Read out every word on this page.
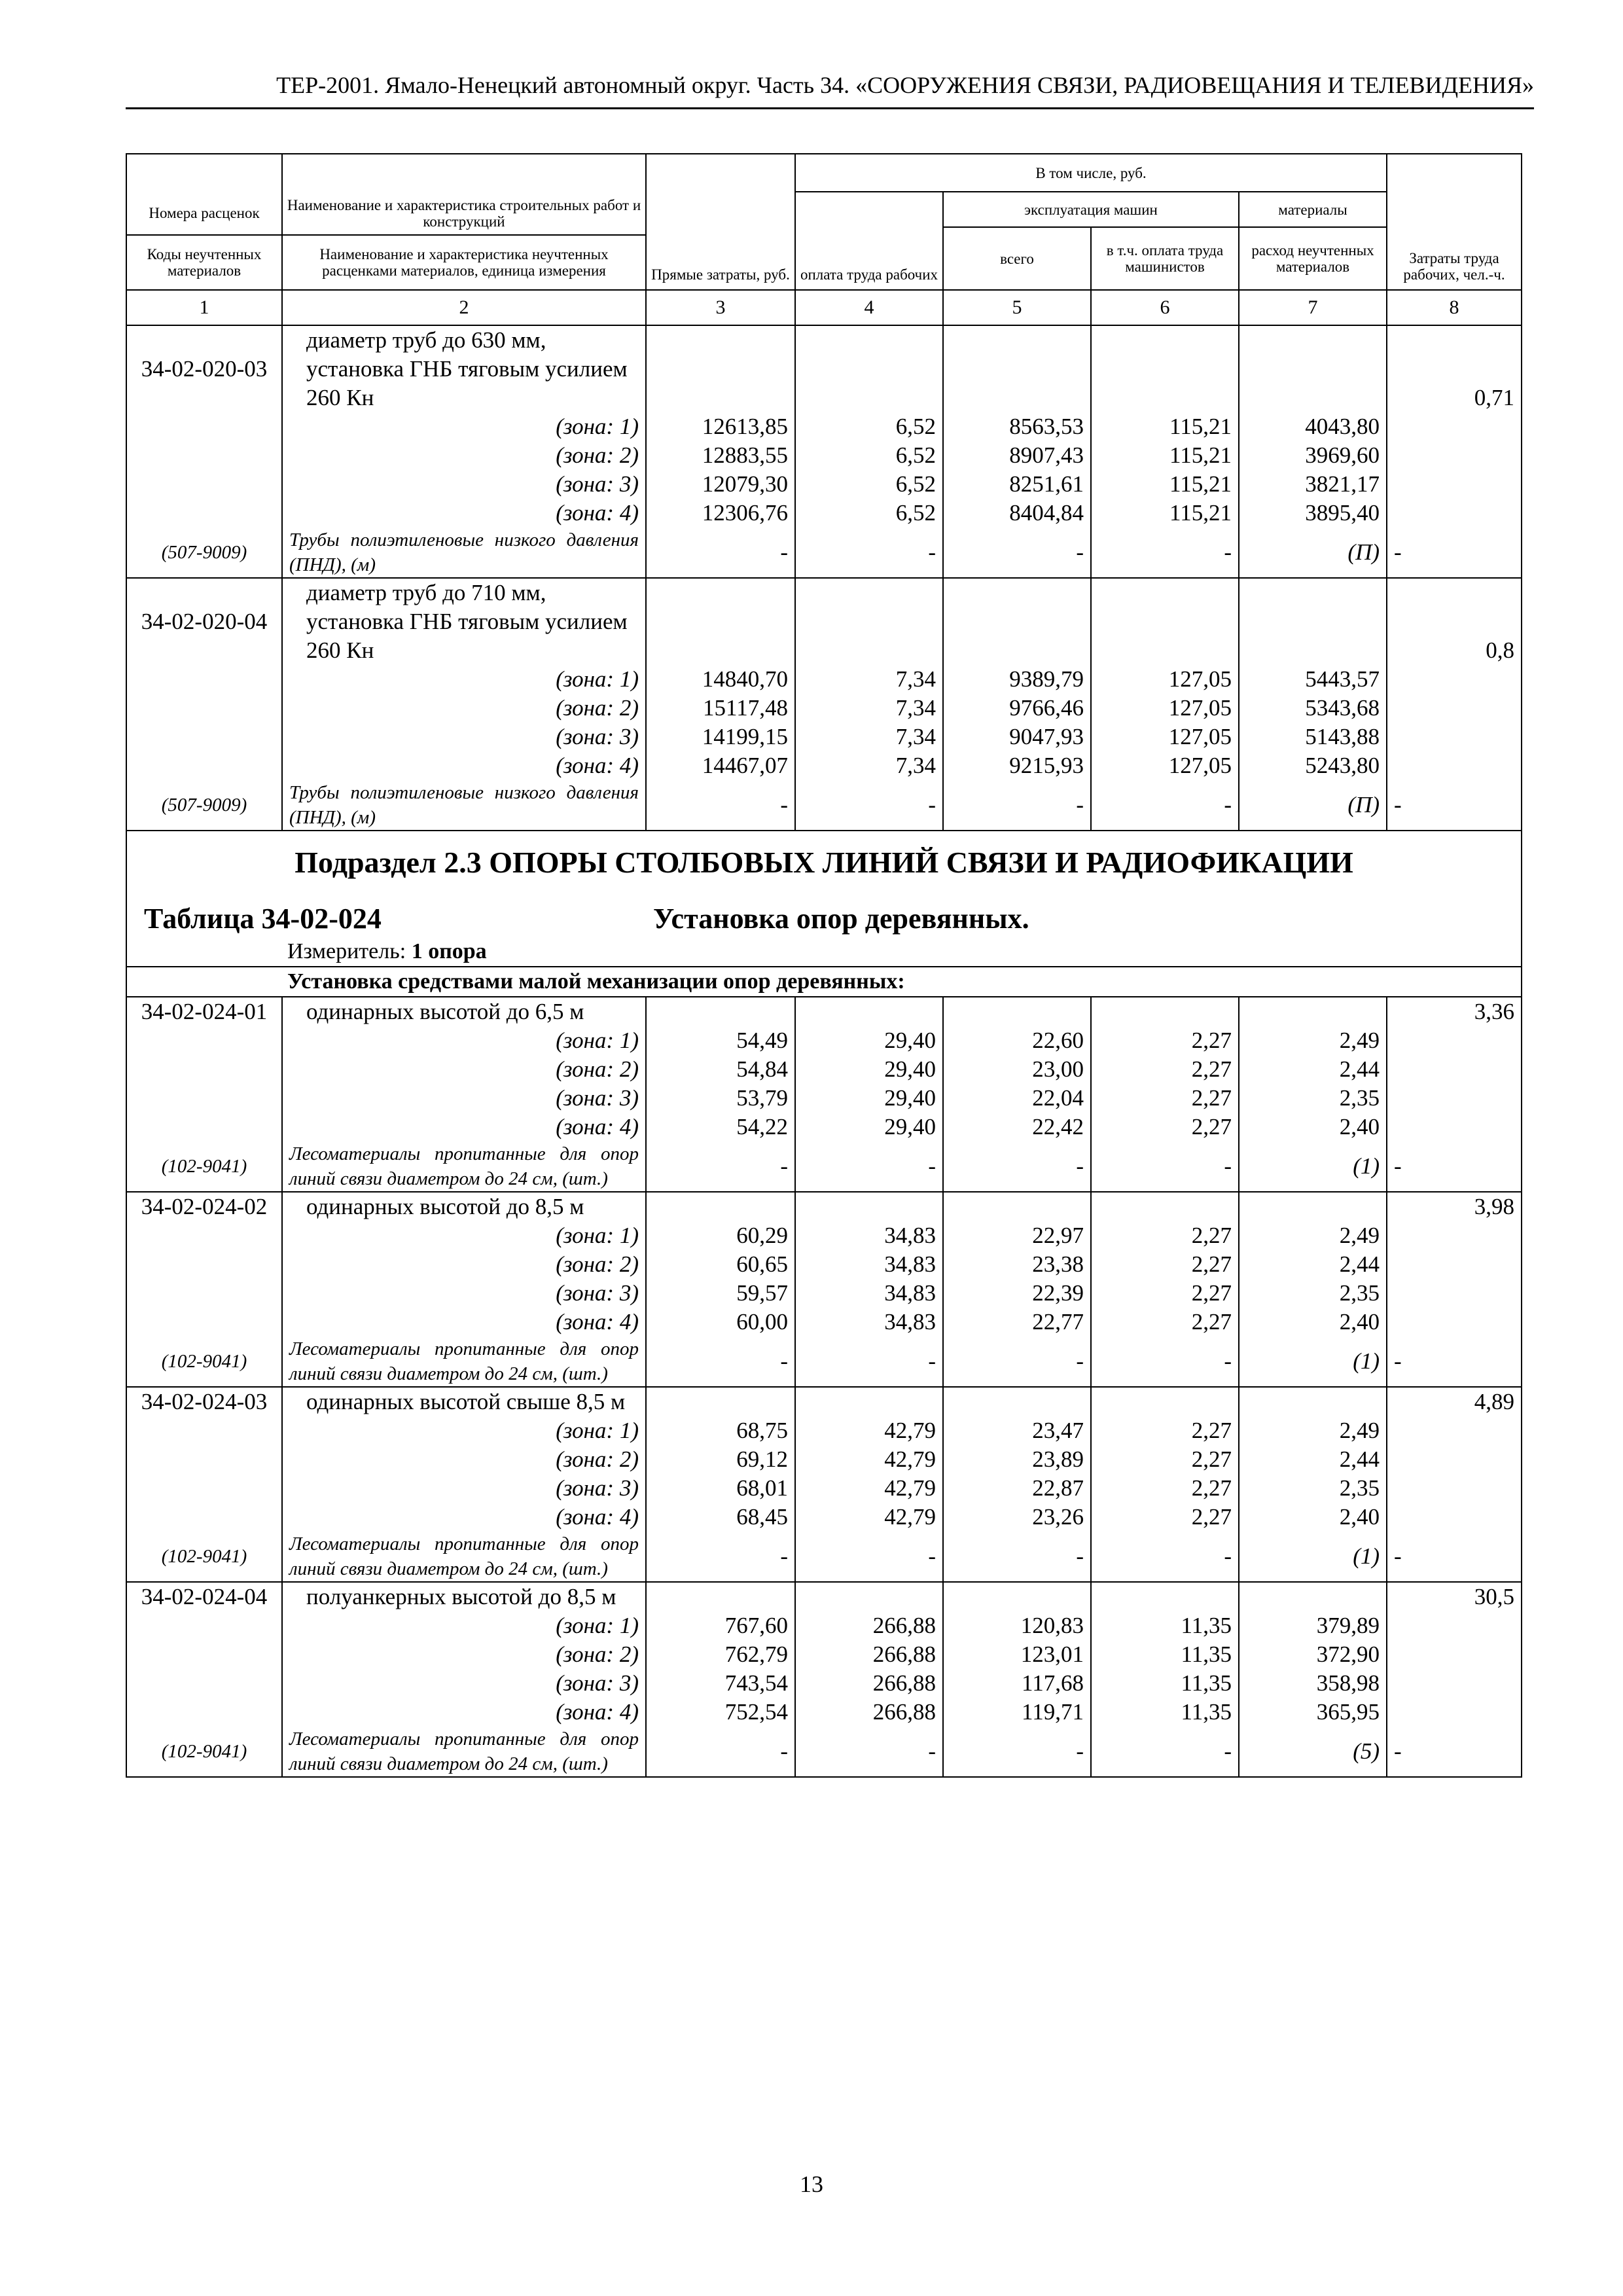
ТЕР-2001. Ямало-Ненецкий автономный округ. Часть 34. «СООРУЖЕНИЯ СВЯЗИ, РАДИОВЕЩАНИЯ И ТЕЛЕВИДЕНИЯ»
		Прямые затраты, руб.	В том числе, руб.				Затраты труда рабочих, чел.-ч.
Номера расценок	Наименование и характеристика строительных работ и конструкций		оплата труда рабочих	эксплуатация машин		материалы	
				всего	в т.ч. оплата труда машинистов	расход неучтенных материалов	
Коды неучтенных материалов	Наименование и характеристика неучтенных расценками материалов, единица измерения						
1	2	3	4	5	6	7	8
34-02-020-03	диаметр труб до 630 мм, установка ГНБ тяговым усилием 260 Кн						0,71
	(зона: 1)	12613,85	6,52	8563,53	115,21	4043,80	
	(зона: 2)	12883,55	6,52	8907,43	115,21	3969,60	
	(зона: 3)	12079,30	6,52	8251,61	115,21	3821,17	
	(зона: 4)	12306,76	6,52	8404,84	115,21	3895,40	
(507-9009)	Трубы полиэтиленовые низкого давления (ПНД), (м)	-	-	-	-	(П)	-
34-02-020-04	диаметр труб до 710 мм, установка ГНБ тяговым усилием 260 Кн						0,8
	(зона: 1)	14840,70	7,34	9389,79	127,05	5443,57	
	(зона: 2)	15117,48	7,34	9766,46	127,05	5343,68	
	(зона: 3)	14199,15	7,34	9047,93	127,05	5143,88	
	(зона: 4)	14467,07	7,34	9215,93	127,05	5243,80	
(507-9009)	Трубы полиэтиленовые низкого давления (ПНД), (м)	-	-	-	-	(П)	-
Подраздел 2.3 ОПОРЫ СТОЛБОВЫХ ЛИНИЙ СВЯЗИ И РАДИОФИКАЦИИ							
Таблица 34-02-024 Установка опор деревянных.							
Измеритель: 1 опора							
Установка средствами малой механизации опор деревянных:							
34-02-024-01	одинарных высотой до 6,5 м						3,36
	(зона: 1)	54,49	29,40	22,60	2,27	2,49	
	(зона: 2)	54,84	29,40	23,00	2,27	2,44	
	(зона: 3)	53,79	29,40	22,04	2,27	2,35	
	(зона: 4)	54,22	29,40	22,42	2,27	2,40	
(102-9041)	Лесоматериалы пропитанные для опор линий связи диаметром до 24 см, (шт.)	-	-	-	-	(1)	-
34-02-024-02	одинарных высотой до 8,5 м						3,98
	(зона: 1)	60,29	34,83	22,97	2,27	2,49	
	(зона: 2)	60,65	34,83	23,38	2,27	2,44	
	(зона: 3)	59,57	34,83	22,39	2,27	2,35	
	(зона: 4)	60,00	34,83	22,77	2,27	2,40	
(102-9041)	Лесоматериалы пропитанные для опор линий связи диаметром до 24 см, (шт.)	-	-	-	-	(1)	-
34-02-024-03	одинарных высотой свыше 8,5 м						4,89
	(зона: 1)	68,75	42,79	23,47	2,27	2,49	
	(зона: 2)	69,12	42,79	23,89	2,27	2,44	
	(зона: 3)	68,01	42,79	22,87	2,27	2,35	
	(зона: 4)	68,45	42,79	23,26	2,27	2,40	
(102-9041)	Лесоматериалы пропитанные для опор линий связи диаметром до 24 см, (шт.)	-	-	-	-	(1)	-
34-02-024-04	полуанкерных высотой до 8,5 м						30,5
	(зона: 1)	767,60	266,88	120,83	11,35	379,89	
	(зона: 2)	762,79	266,88	123,01	11,35	372,90	
	(зона: 3)	743,54	266,88	117,68	11,35	358,98	
	(зона: 4)	752,54	266,88	119,71	11,35	365,95	
(102-9041)	Лесоматериалы пропитанные для опор линий связи диаметром до 24 см, (шт.)	-	-	-	-	(5)	-
13
